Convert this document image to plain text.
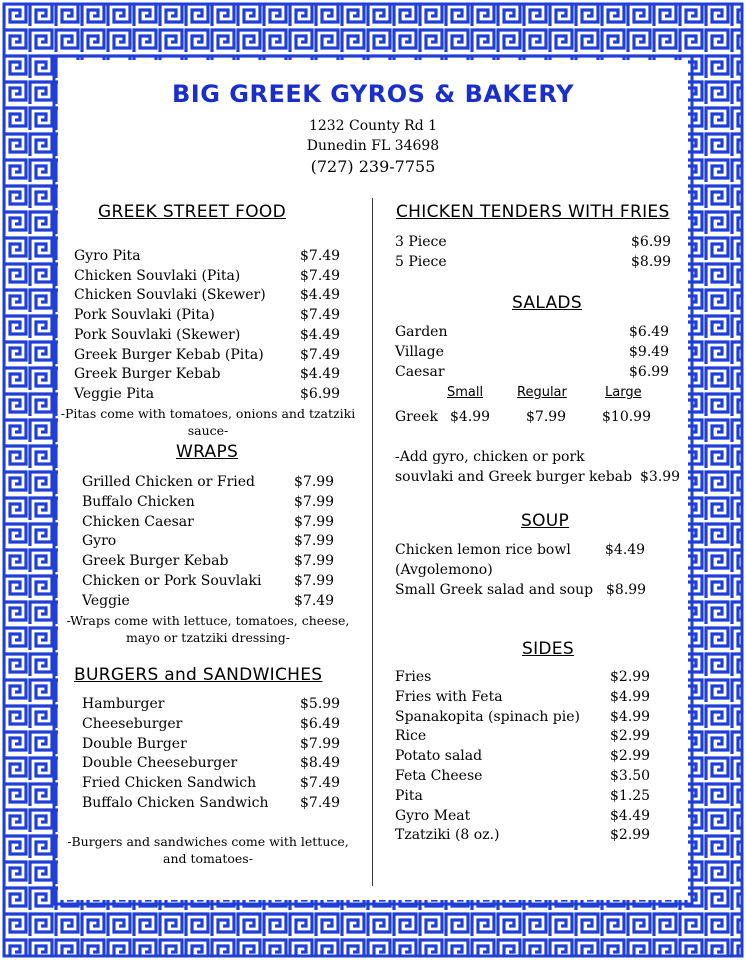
BIG GREEK GYROS & BAKERY
1232 County Rd 1
Dunedin FL 34698
(727) 239-7755
GREEK STREET FOOD
Gyro Pita	$7.49
Chicken Souvlaki (Pita)	$7.49
Chicken Souvlaki (Skewer) $4.49
Pork Souvlaki (Pita)	$7.49
Pork Souvlaki (Skewer)	$4.49
Greek Burger Kebab (Pita)	$7.49
Greek Burger Kebab	$4.49
Veggie Pita	$6.99
-Pitas come with tomatoes, onions and tzatziki
sauce-
WRAPS
Grilled Chicken or Fried	$7.99
Buffalo Chicken	$7.99
Chicken Caesar	$7.99
Gyro	$7.99
Greek Burger Kebab	$7.99
Chicken or Pork Souvlaki $7.99
Veggie	$7.49
-Wraps come with lettuce, tomatoes, cheese,
mayo or tzatziki dressing-
BURGERS and SANDWICHES
Hamburger	$5.99
Cheeseburger	$6.49
Double Burger	$7.99
Double Cheeseburger	$8.49
Fried Chicken Sandwich	$7.49
Buffalo Chicken Sandwich $7.49
-Burgers and sandwiches come with lettuce,
and tomatoes-
CHICKEN TENDERS WITH FRIES
3 Piece	$6.99
5 Piece	$8.99
SALADS
Garden	$6.49
Village	$9.49
Caesar	$6.99
Small	Regular	Large
Greek $4.99	$7.99	$10.99
-Add gyro, chicken or pork
souvlaki and Greek burger kebab $3.99
SOUP
Chicken lemon rice bowl $4.49
(Avgolemono)
Small Greek salad and soup $8.99
SIDES
Fries	$2.99
Fries with Feta	$4.99
Spanakopita (spinach pie) $4.99
Rice	$2.99
Potato salad	$2.99
Feta Cheese	$3.50
Pita	$1.25
Gyro Meat	$4.49
Tzatziki (8 oz.)	$2.99
